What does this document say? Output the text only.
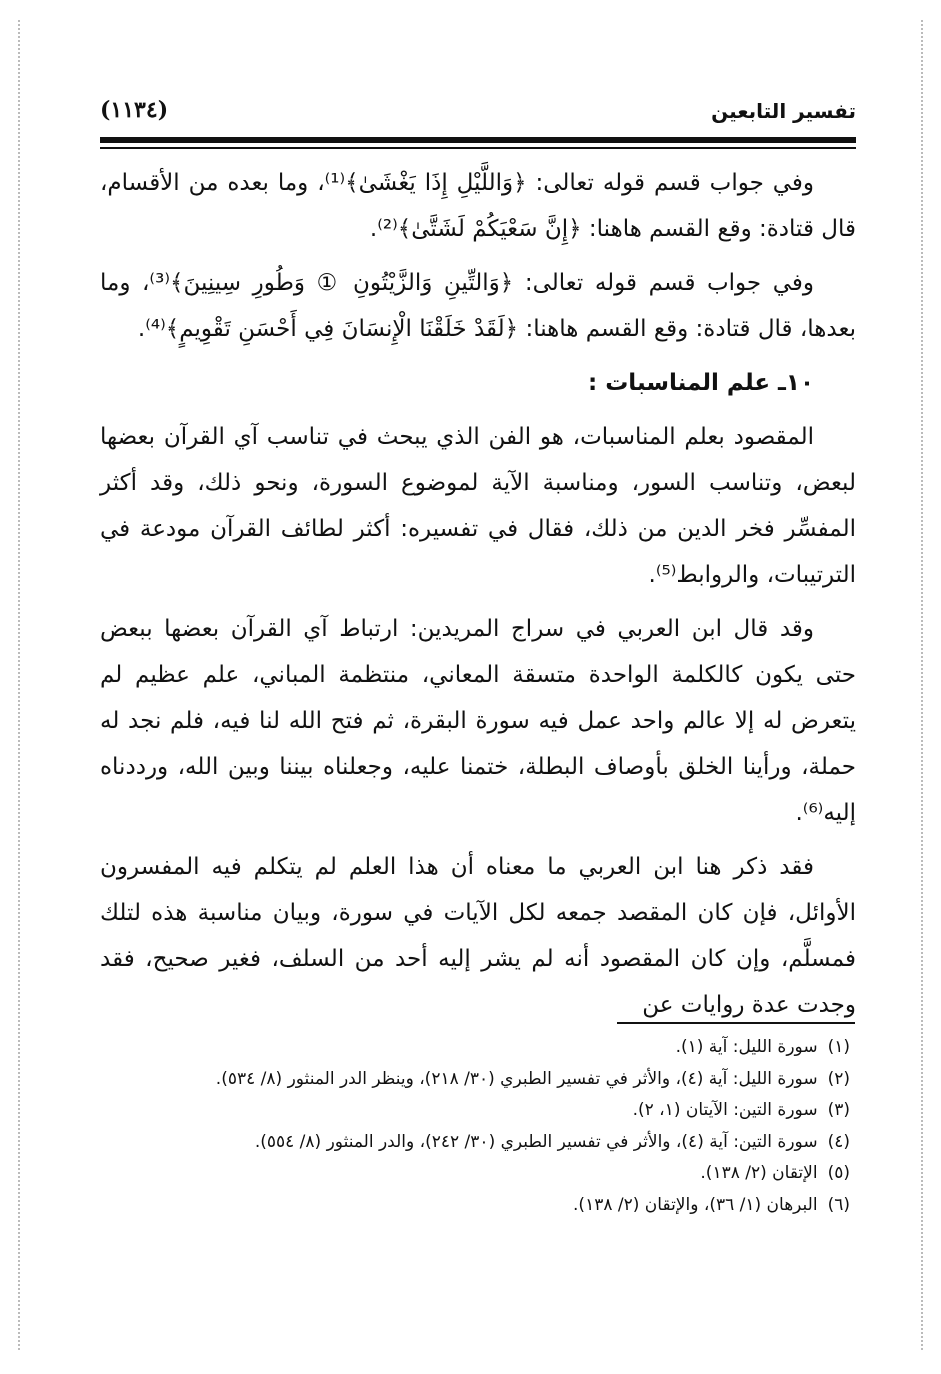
تفسير التابعين
(١١٣٤)

وفي جواب قسم قوله تعالى: ﴿وَاللَّيْلِ إِذَا يَغْشَىٰ﴾⁽¹⁾، وما بعده من الأقسام، قال قتادة: وقع القسم هاهنا: ﴿إِنَّ سَعْيَكُمْ لَشَتَّىٰ﴾⁽²⁾.

وفي جواب قسم قوله تعالى: ﴿وَالتِّينِ وَالزَّيْتُونِ ① وَطُورِ سِينِينَ﴾⁽³⁾، وما بعدها، قال قتادة: وقع القسم هاهنا: ﴿لَقَدْ خَلَقْنَا الْإِنسَانَ فِي أَحْسَنِ تَقْوِيمٍ﴾⁽⁴⁾.

١٠ـ علم المناسبات :

المقصود بعلم المناسبات، هو الفن الذي يبحث في تناسب آي القرآن بعضها لبعض، وتناسب السور، ومناسبة الآية لموضوع السورة، ونحو ذلك، وقد أكثر المفسِّر فخر الدين من ذلك، فقال في تفسيره: أكثر لطائف القرآن مودعة في الترتيبات، والروابط⁽⁵⁾.

وقد قال ابن العربي في سراج المريدين: ارتباط آي القرآن بعضها ببعض حتى يكون كالكلمة الواحدة متسقة المعاني، منتظمة المباني، علم عظيم لم يتعرض له إلا عالم واحد عمل فيه سورة البقرة، ثم فتح الله لنا فيه، فلم نجد له حملة، ورأينا الخلق بأوصاف البطلة، ختمنا عليه، وجعلناه بيننا وبين الله، ورددناه إليه⁽⁶⁾.

فقد ذكر هنا ابن العربي ما معناه أن هذا العلم لم يتكلم فيه المفسرون الأوائل، فإن كان المقصد جمعه لكل الآيات في سورة، وبيان مناسبة هذه لتلك فمسلَّم، وإن كان المقصود أنه لم يشر إليه أحد من السلف، فغير صحيح، فقد وجدت عدة روايات عن

(١)سورة الليل: آية (١).
(٢)سورة الليل: آية (٤)، والأثر في تفسير الطبري (٣٠/ ٢١٨)، وينظر الدر المنثور (٨/ ٥٣٤).
(٣)سورة التين: الآيتان (١، ٢).
(٤)سورة التين: آية (٤)، والأثر في تفسير الطبري (٣٠/ ٢٤٢)، والدر المنثور (٨/ ٥٥٤).
(٥)الإتقان (٢/ ١٣٨).
(٦)البرهان (١/ ٣٦)، والإتقان (٢/ ١٣٨).
